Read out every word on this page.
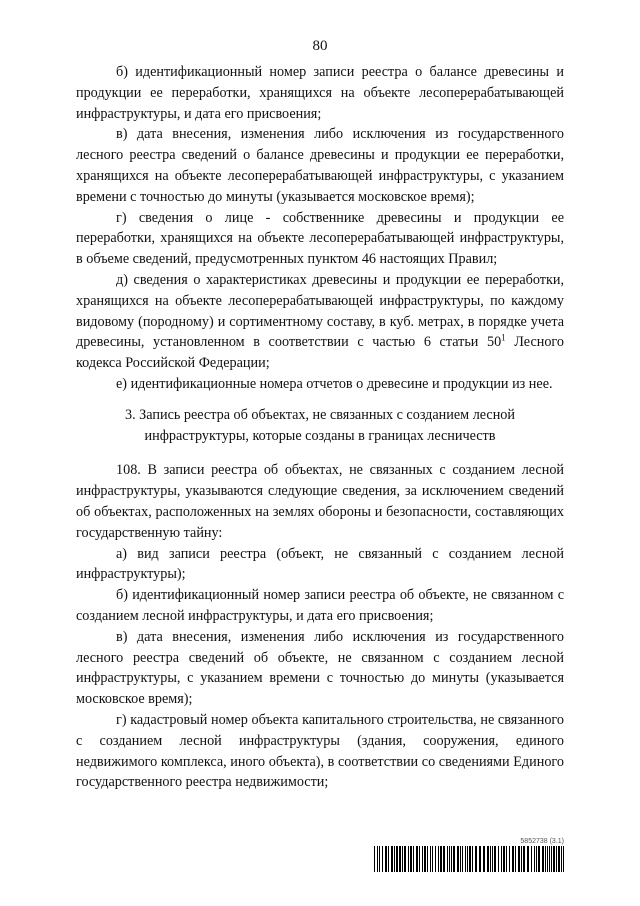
80

б) идентификационный номер записи реестра о балансе древесины и продукции ее переработки, хранящихся на объекте лесоперерабатывающей инфраструктуры, и дата его присвоения;

в) дата внесения, изменения либо исключения из государственного лесного реестра сведений о балансе древесины и продукции ее переработки, хранящихся на объекте лесоперерабатывающей инфраструктуры, с указанием времени с точностью до минуты (указывается московское время);

г) сведения о лице - собственнике древесины и продукции ее переработки, хранящихся на объекте лесоперерабатывающей инфраструктуры, в объеме сведений, предусмотренных пунктом 46 настоящих Правил;

д) сведения о характеристиках древесины и продукции ее переработки, хранящихся на объекте лесоперерабатывающей инфраструктуры, по каждому видовому (породному) и сортиментному составу, в куб. метрах, в порядке учета древесины, установленном в соответствии с частью 6 статьи $50^1$ Лесного кодекса Российской Федерации;

е) идентификационные номера отчетов о древесине и продукции из нее.

3. Запись реестра об объектах, не связанных с созданием лесной инфраструктуры, которые созданы в границах лесничеств

108. В записи реестра об объектах, не связанных с созданием лесной инфраструктуры, указываются следующие сведения, за исключением сведений об объектах, расположенных на землях обороны и безопасности, составляющих государственную тайну:

а) вид записи реестра (объект, не связанный с созданием лесной инфраструктуры);

б) идентификационный номер записи реестра об объекте, не связанном с созданием лесной инфраструктуры, и дата его присвоения;

в) дата внесения, изменения либо исключения из государственного лесного реестра сведений об объекте, не связанном с созданием лесной инфраструктуры, с указанием времени с точностью до минуты (указывается московское время);

г) кадастровый номер объекта капитального строительства, не связанного с созданием лесной инфраструктуры (здания, сооружения, единого недвижимого комплекса, иного объекта), в соответствии со сведениями Единого государственного реестра недвижимости;

5852738 (3.1)
